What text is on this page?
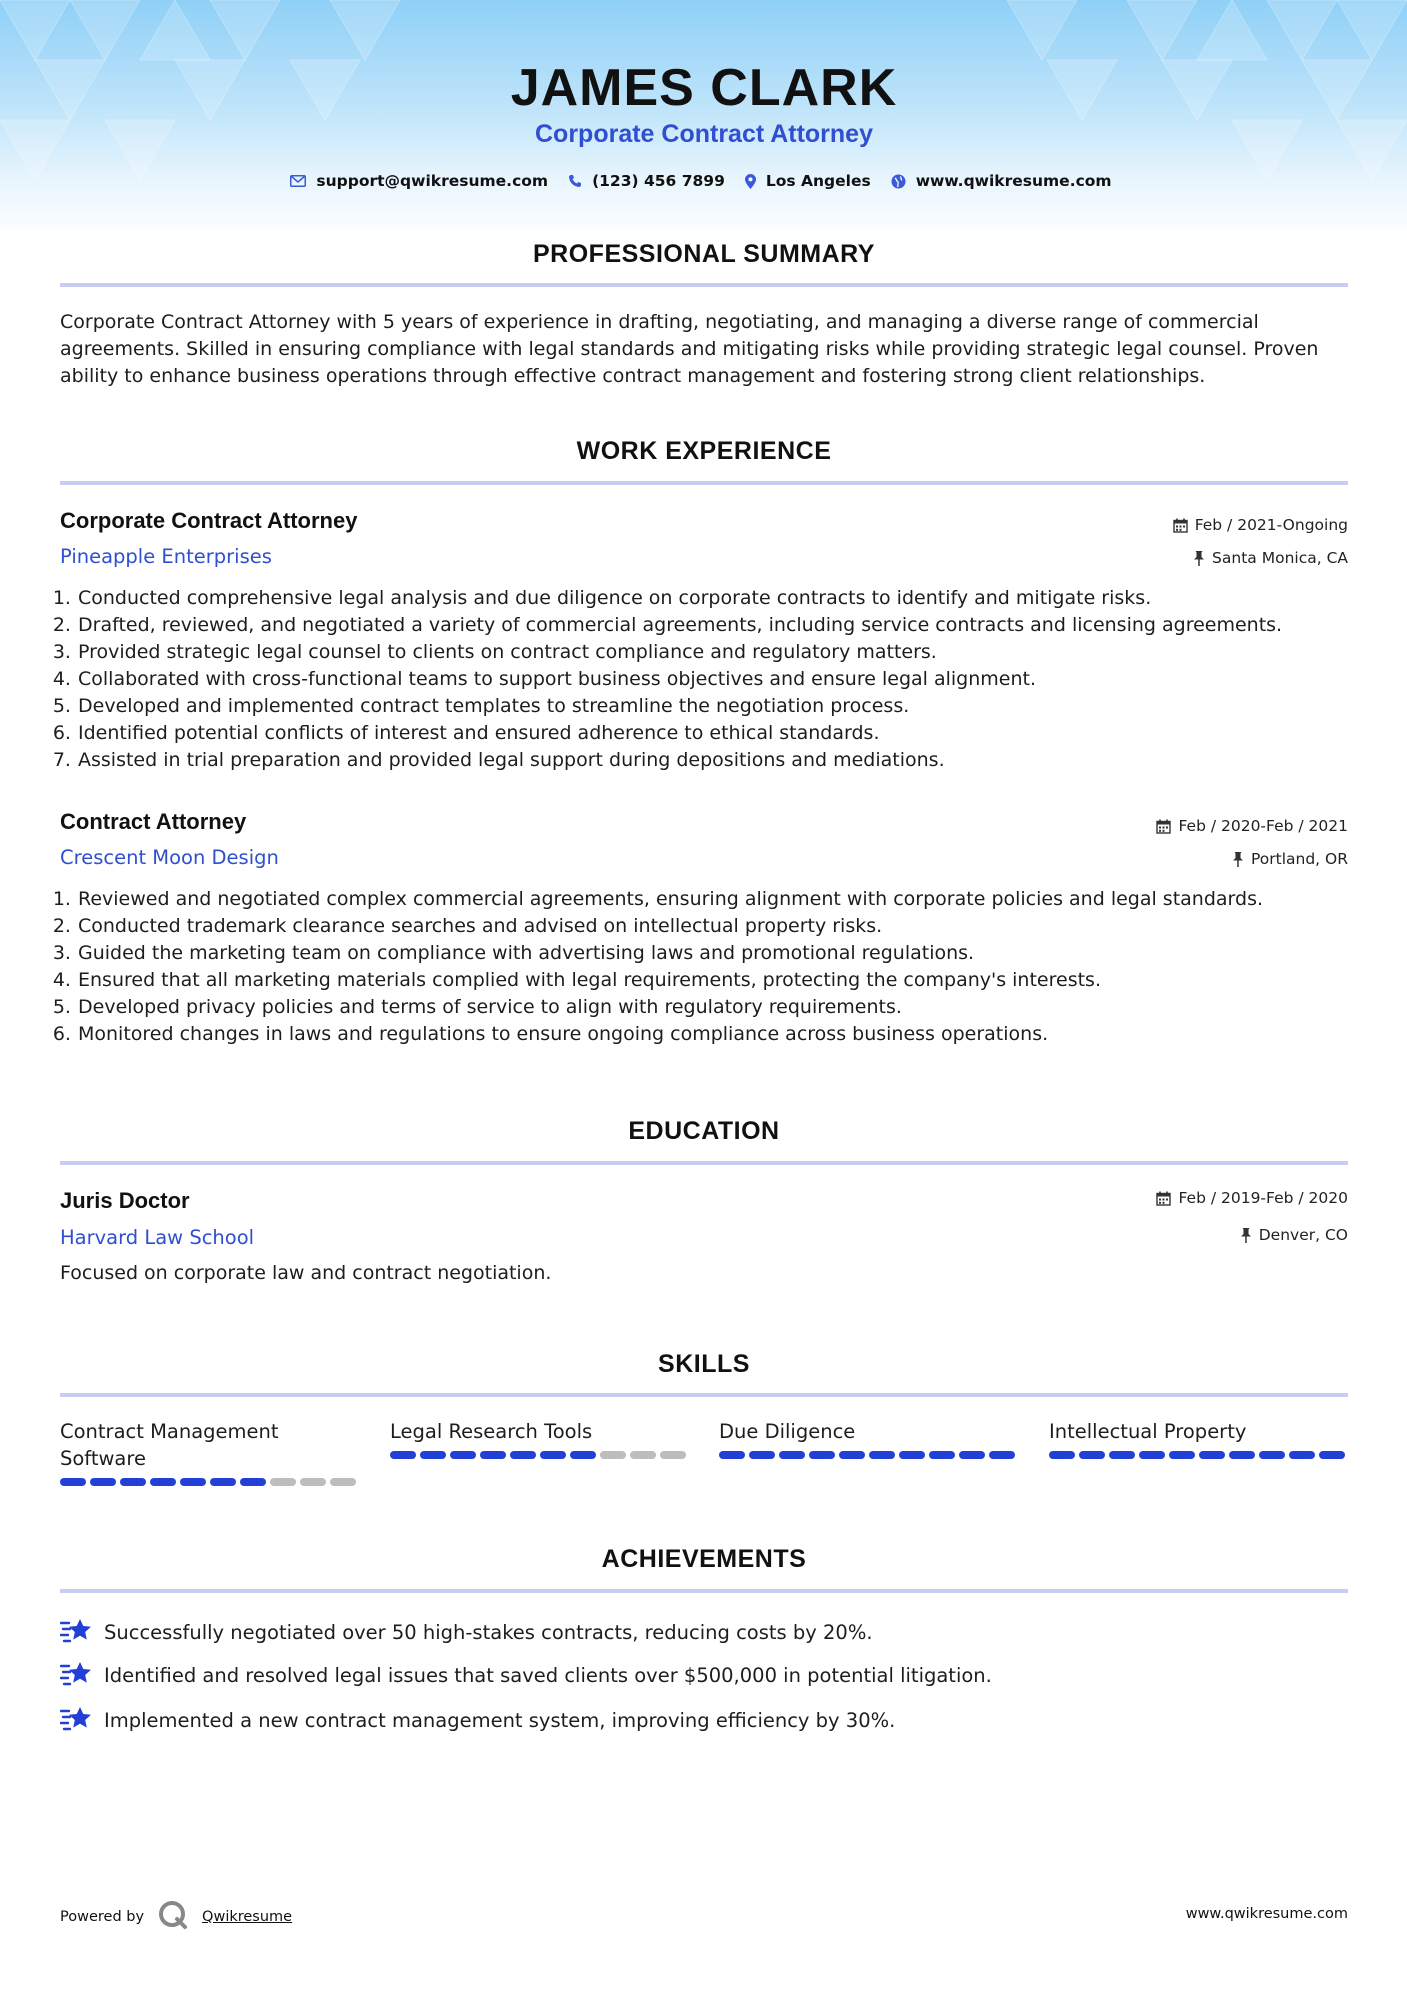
JAMES CLARK
Corporate Contract Attorney
support@qwikresume.com	(123) 456 7899	Los Angeles	www.qwikresume.com
PROFESSIONAL SUMMARY
Corporate Contract Attorney with 5 years of experience in drafting, negotiating, and managing a diverse range of commercial agreements. Skilled in ensuring compliance with legal standards and mitigating risks while providing strategic legal counsel. Proven ability to enhance business operations through effective contract management and fostering strong client relationships.
WORK EXPERIENCE
Corporate Contract Attorney	Feb / 2021-Ongoing
Pineapple Enterprises	Santa Monica, CA
1. Conducted comprehensive legal analysis and due diligence on corporate contracts to identify and mitigate risks.
2. Drafted, reviewed, and negotiated a variety of commercial agreements, including service contracts and licensing agreements.
3. Provided strategic legal counsel to clients on contract compliance and regulatory matters.
4. Collaborated with cross-functional teams to support business objectives and ensure legal alignment.
5. Developed and implemented contract templates to streamline the negotiation process.
6. Identified potential conflicts of interest and ensured adherence to ethical standards.
7. Assisted in trial preparation and provided legal support during depositions and mediations.
Contract Attorney	Feb / 2020-Feb / 2021
Crescent Moon Design	Portland, OR
1. Reviewed and negotiated complex commercial agreements, ensuring alignment with corporate policies and legal standards.
2. Conducted trademark clearance searches and advised on intellectual property risks.
3. Guided the marketing team on compliance with advertising laws and promotional regulations.
4. Ensured that all marketing materials complied with legal requirements, protecting the company's interests.
5. Developed privacy policies and terms of service to align with regulatory requirements.
6. Monitored changes in laws and regulations to ensure ongoing compliance across business operations.
EDUCATION
Juris Doctor	Feb / 2019-Feb / 2020
Harvard Law School	Denver, CO
Focused on corporate law and contract negotiation.
SKILLS
Contract Management Software
Legal Research Tools	Due Diligence	Intellectual Property
ACHIEVEMENTS
Successfully negotiated over 50 high-stakes contracts, reducing costs by 20%.
Identified and resolved legal issues that saved clients over $500,000 in potential litigation.
Implemented a new contract management system, improving efficiency by 30%.
Powered by	Qwikresume	www.qwikresume.com
